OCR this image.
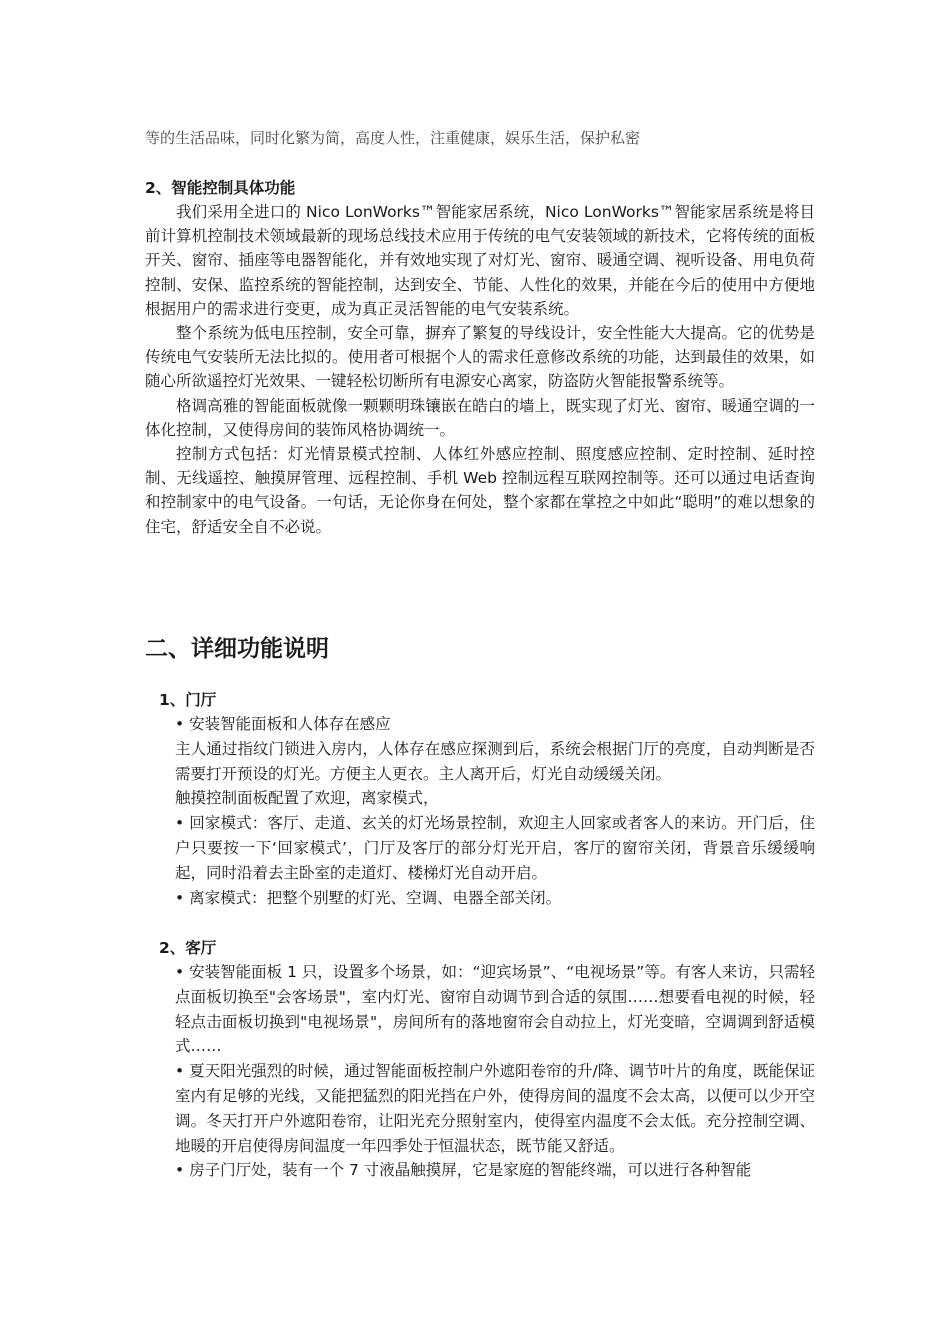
等的生活品味，同时化繁为简，高度人性，注重健康，娱乐生活，保护私密

2、智能控制具体功能

我们采用全进口的 Nico LonWorks™智能家居系统，Nico LonWorks™智能家居系统是将目前计算机控制技术领域最新的现场总线技术应用于传统的电气安装领域的新技术，它将传统的面板开关、窗帘、插座等电器智能化，并有效地实现了对灯光、窗帘、暖通空调、视听设备、用电负荷控制、安保、监控系统的智能控制，达到安全、节能、人性化的效果，并能在今后的使用中方便地根据用户的需求进行变更，成为真正灵活智能的电气安装系统。

整个系统为低电压控制，安全可靠，摒弃了繁复的导线设计，安全性能大大提高。它的优势是传统电气安装所无法比拟的。使用者可根据个人的需求任意修改系统的功能，达到最佳的效果，如随心所欲遥控灯光效果、一键轻松切断所有电源安心离家，防盗防火智能报警系统等。

格调高雅的智能面板就像一颗颗明珠镶嵌在皓白的墙上，既实现了灯光、窗帘、暖通空调的一体化控制，又使得房间的装饰风格协调统一。

控制方式包括：灯光情景模式控制、人体红外感应控制、照度感应控制、定时控制、延时控制、无线遥控、触摸屏管理、远程控制、手机 Web 控制远程互联网控制等。还可以通过电话查询和控制家中的电气设备。一句话，无论你身在何处，整个家都在掌控之中如此“聪明”的难以想象的住宅，舒适安全自不必说。

二、详细功能说明

1、门厅

• 安装智能面板和人体存在感应

主人通过指纹门锁进入房内，人体存在感应探测到后，系统会根据门厅的亮度，自动判断是否需要打开预设的灯光。方便主人更衣。主人离开后，灯光自动缓缓关闭。

触摸控制面板配置了欢迎，离家模式，

• 回家模式：客厅、走道、玄关的灯光场景控制，欢迎主人回家或者客人的来访。开门后，住户只要按一下‘回家模式’，门厅及客厅的部分灯光开启，客厅的窗帘关闭，背景音乐缓缓响起，同时沿着去主卧室的走道灯、楼梯灯光自动开启。

• 离家模式：把整个别墅的灯光、空调、电器全部关闭。

2、客厅

• 安装智能面板 1 只，设置多个场景，如：“迎宾场景”、“电视场景”等。有客人来访，只需轻点面板切换至"会客场景"，室内灯光、窗帘自动调节到合适的氛围……想要看电视的时候，轻轻点击面板切换到"电视场景"，房间所有的落地窗帘会自动拉上，灯光变暗，空调调到舒适模式……

• 夏天阳光强烈的时候，通过智能面板控制户外遮阳卷帘的升/降、调节叶片的角度，既能保证室内有足够的光线，又能把猛烈的阳光挡在户外，使得房间的温度不会太高，以便可以少开空调。冬天打开户外遮阳卷帘，让阳光充分照射室内，使得室内温度不会太低。充分控制空调、地暖的开启使得房间温度一年四季处于恒温状态，既节能又舒适。

• 房子门厅处，装有一个 7 寸液晶触摸屏，它是家庭的智能终端，可以进行各种智能
